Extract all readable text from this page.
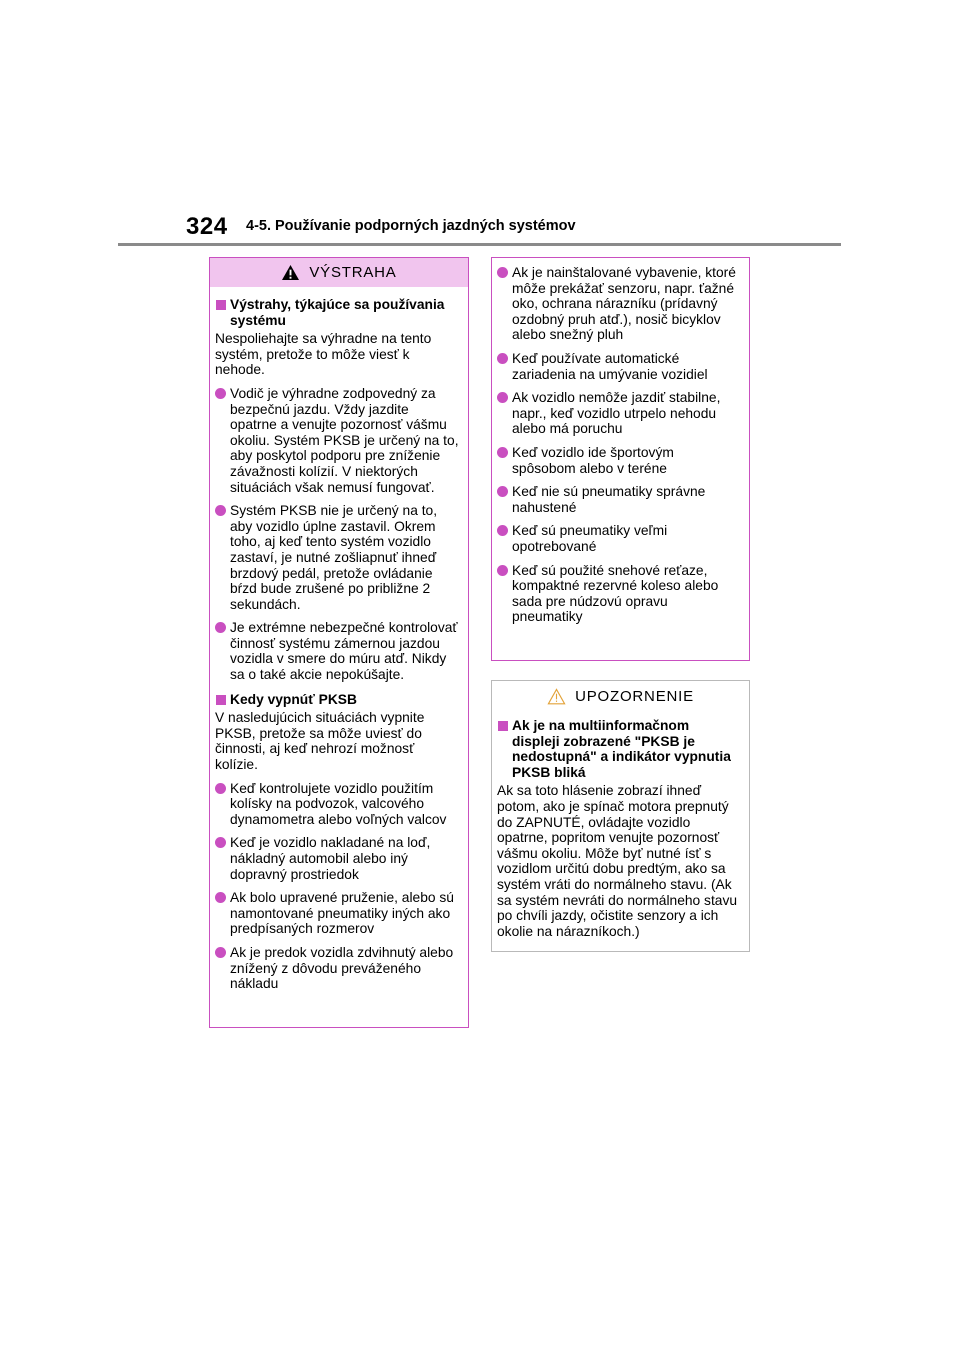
324 4-5. Používanie podporných jazdných systémov
VÝSTRAHA
Výstrahy, týkajúce sa používania systému
Nespoliehajte sa výhradne na tento systém, pretože to môže viesť k nehode.
Vodič je výhradne zodpovedný za bezpečnú jazdu. Vždy jazdite opatrne a venujte pozornosť vášmu okoliu. Systém PKSB je určený na to, aby poskytol podporu pre zníženie závažnosti kolízií. V niektorých situáciách však nemusí fungovať.
Systém PKSB nie je určený na to, aby vozidlo úplne zastavil. Okrem toho, aj keď tento systém vozidlo zastaví, je nutné zošliapnuť ihneď brzdový pedál, pretože ovládanie bŕzd bude zrušené po približne 2 sekundách.
Je extrémne nebezpečné kontrolovať činnosť systému zámernou jazdou vozidla v smere do múru atď. Nikdy sa o také akcie nepokúšajte.
Kedy vypnúť PKSB
V nasledujúcich situáciách vypnite PKSB, pretože sa môže uviesť do činnosti, aj keď nehrozí možnosť kolízie.
Keď kontrolujete vozidlo použitím kolísky na podvozok, valcového dynamometra alebo voľných valcov
Keď je vozidlo nakladané na loď, nákladný automobil alebo iný dopravný prostriedok
Ak bolo upravené pruženie, alebo sú namontované pneumatiky iných ako predpísaných rozmerov
Ak je predok vozidla zdvihnutý alebo znížený z dôvodu preváženého nákladu
Ak je nainštalované vybavenie, ktoré môže prekážať senzoru, napr. ťažné oko, ochrana nárazníku (prídavný ozdobný pruh atď.), nosič bicyklov alebo snežný pluh
Keď používate automatické zariadenia na umývanie vozidiel
Ak vozidlo nemôže jazdiť stabilne, napr., keď vozidlo utrpelo nehodu alebo má poruchu
Keď vozidlo ide športovým spôsobom alebo v teréne
Keď nie sú pneumatiky správne nahustené
Keď sú pneumatiky veľmi opotrebované
Keď sú použité snehové reťaze, kompaktné rezervné koleso alebo sada pre núdzovú opravu pneumatiky
UPOZORNENIE
Ak je na multiinformačnom displeji zobrazené "PKSB je nedostupná" a indikátor vypnutia PKSB bliká
Ak sa toto hlásenie zobrazí ihneď potom, ako je spínač motora prepnutý do ZAPNUTÉ, ovládajte vozidlo opatrne, popritom venujte pozornosť vášmu okoliu. Môže byť nutné ísť s vozidlom určitú dobu predtým, ako sa systém vráti do normálneho stavu. (Ak sa systém nevráti do normálneho stavu po chvíli jazdy, očistite senzory a ich okolie na nárazníkoch.)
